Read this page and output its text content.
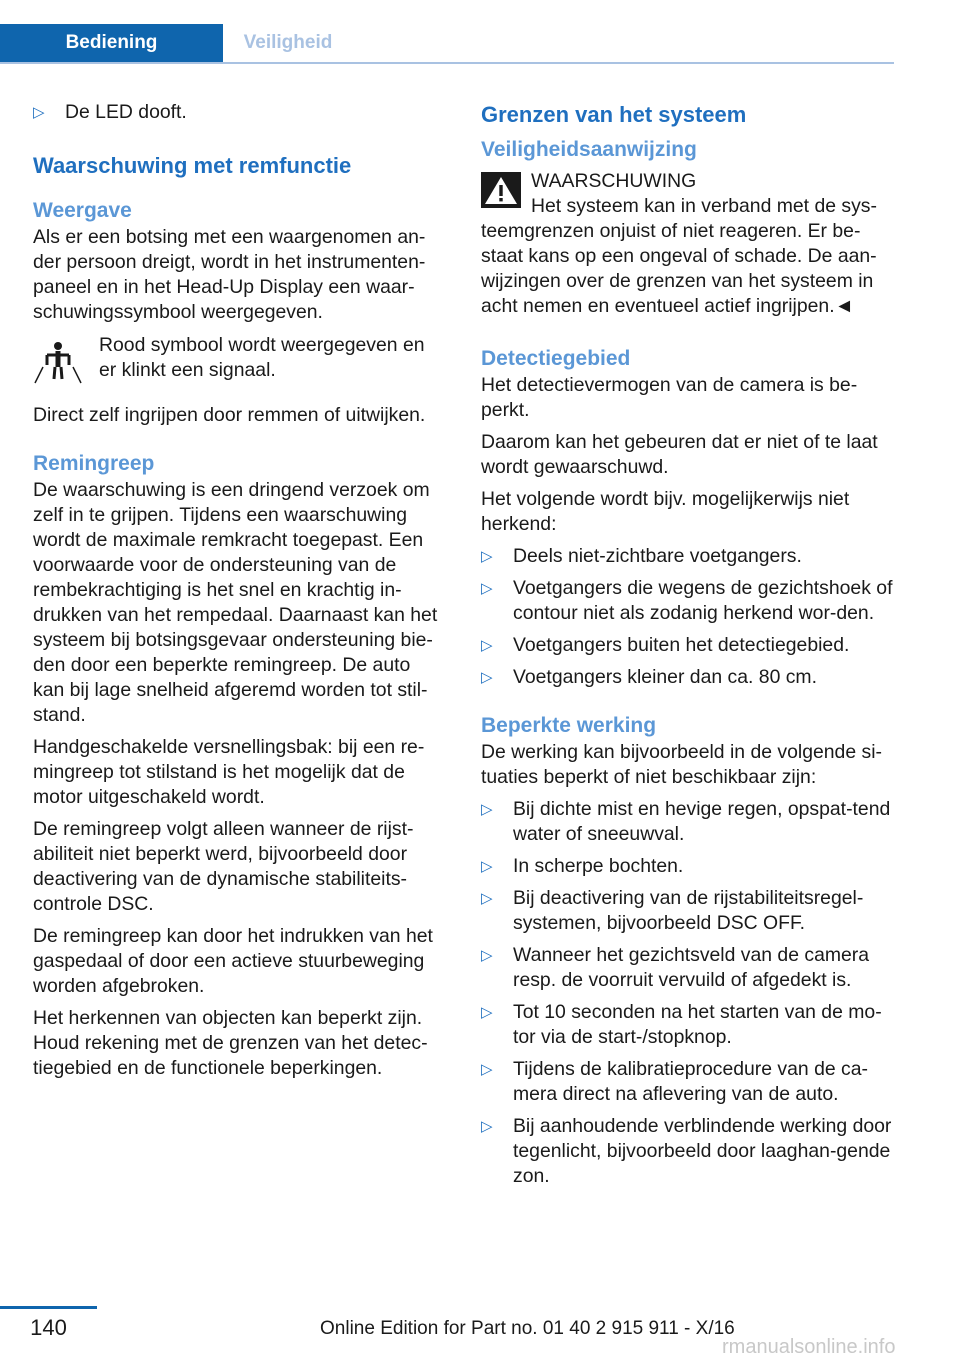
Bediening	Veiligheid
▷ De LED dooft.
Waarschuwing met remfunctie
Weergave

Als er een botsing met een waargenomen an-der persoon dreigt, wordt in het instrumenten-paneel en in het Head-Up Display een waar-schuwingssymbool weergegeven.

Rood symbool wordt weergegeven en er klinkt een signaal.

Direct zelf ingrijpen door remmen of uitwijken.

Remingreep

De waarschuwing is een dringend verzoek om zelf in te grijpen. Tijdens een waarschuwing wordt de maximale remkracht toegepast. Een voorwaarde voor de ondersteuning van de rembekrachtiging is het snel en krachtig in-drukken van het rempedaal. Daarnaast kan het systeem bij botsingsgevaar ondersteuning bie-den door een beperkte remingreep. De auto kan bij lage snelheid afgeremd worden tot stil-stand.

Handgeschakelde versnellingsbak: bij een re-mingreep tot stilstand is het mogelijk dat de motor uitgeschakeld wordt.

De remingreep volgt alleen wanneer de rijst-abiliteit niet beperkt werd, bijvoorbeeld door deactivering van de dynamische stabiliteits-controle DSC.

De remingreep kan door het indrukken van het gaspedaal of door een actieve stuurbeweging worden afgebroken.

Het herkennen van objecten kan beperkt zijn. Houd rekening met de grenzen van het detec-tiegebied en de functionele beperkingen.

Grenzen van het systeem
Veiligheidsaanwijzing
WAARSCHUWING
Het systeem kan in verband met de sys-teemgrenzen onjuist of niet reageren. Er be-staat kans op een ongeval of schade. De aan-wijzingen over de grenzen van het systeem in acht nemen en eventueel actief ingrijpen.◄
Detectiegebied

Het detectievermogen van de camera is be-perkt.

Daarom kan het gebeuren dat er niet of te laat wordt gewaarschuwd.

Het volgende wordt bijv. mogelijkerwijs niet herkend:

▷ Deels niet-zichtbare voetgangers.
▷ Voetgangers die wegens de gezichtshoek of contour niet als zodanig herkend wor-den.
▷ Voetgangers buiten het detectiegebied.
▷ Voetgangers kleiner dan ca. 80 cm.
Beperkte werking

De werking kan bijvoorbeeld in de volgende si-tuaties beperkt of niet beschikbaar zijn:

▷ Bij dichte mist en hevige regen, opspat-tend water of sneeuwval.
▷ In scherpe bochten.
▷ Bij deactivering van de rijstabiliteitsregel-systemen, bijvoorbeeld DSC OFF.
▷ Wanneer het gezichtsveld van de camera resp. de voorruit vervuild of afgedekt is.
▷ Tot 10 seconden na het starten van de mo-tor via de start-/stopknop.
▷ Tijdens de kalibratieprocedure van de ca-mera direct na aflevering van de auto.
▷ Bij aanhoudende verblindende werking door tegenlicht, bijvoorbeeld door laaghan-gende zon.
140	Online Edition for Part no. 01 40 2 915 911 - X/16
rmanualsonline.info
